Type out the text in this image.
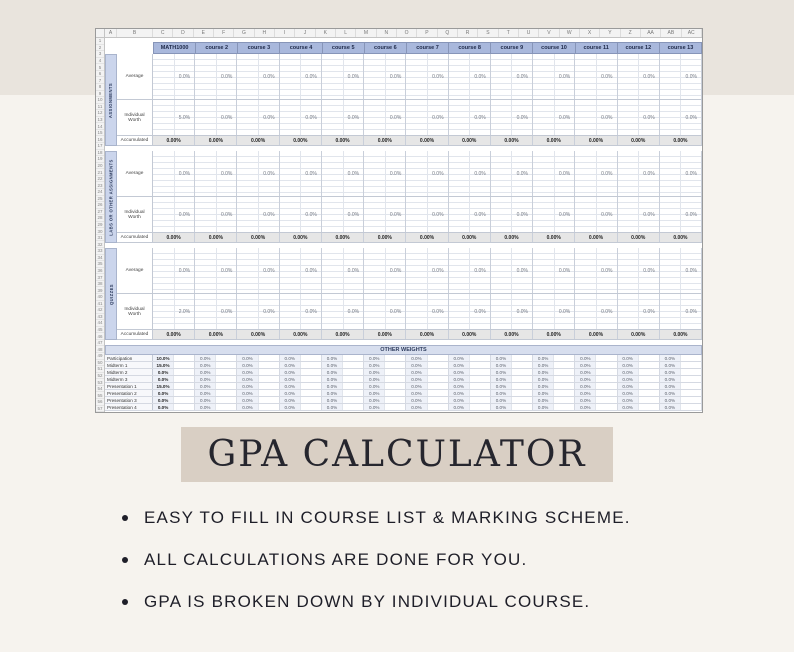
A	B	C	D	E	F	G	H	I	J	K	L	M	N	O	P	Q	R	S	T	U	V	W	X	Y	Z	AA	AB	AC
1
2
3
4
5
6
7
8
9
10
11
12
13
14
15
16
17
18
19
20
21
22
23
24
25
26
27
28
29
30
31
32
33
34
35
36
37
38
39
40
41
42
43
44
45
46
47
48
49
50
51
52
53
54
55
56
57
MATH1000	course 2	course 3	course 4	course 5	course 6	course 7	course 8	course 9	course 10	course 11	course 12	course 13
ASSIGNMENTS
Average	0.0%	0.0%	0.0%	0.0%	0.0%	0.0%	0.0%	0.0%	0.0%	0.0%	0.0%	0.0%	0.0%
Individual Worth	5.0%	0.0%	0.0%	0.0%	0.0%	0.0%	0.0%	0.0%	0.0%	0.0%	0.0%	0.0%	0.0%
Accumulated	0.00%	0.00%	0.00%	0.00%	0.00%	0.00%	0.00%	0.00%	0.00%	0.00%	0.00%	0.00%	0.00%
LABS OR OTHER ASSIGNMENTS	Average	0.0%	0.0%	0.0%	0.0%	0.0%	0.0%	0.0%	0.0%	0.0%	0.0%	0.0%	0.0%	0.0%
Individual Worth	0.0%	0.0%	0.0%	0.0%	0.0%	0.0%	0.0%	0.0%	0.0%	0.0%	0.0%	0.0%	0.0%
Accumulated	0.00%	0.00%	0.00%	0.00%	0.00%	0.00%	0.00%	0.00%	0.00%	0.00%	0.00%	0.00%	0.00%
QUIZZES
Average	0.0%	0.0%	0.0%	0.0%	0.0%	0.0%	0.0%	0.0%	0.0%	0.0%	0.0%	0.0%	0.0%
Individual Worth	2.0%	0.0%	0.0%	0.0%	0.0%	0.0%	0.0%	0.0%	0.0%	0.0%	0.0%	0.0%	0.0%
Accumulated	0.00%	0.00%	0.00%	0.00%	0.00%	0.00%	0.00%	0.00%	0.00%	0.00%	0.00%	0.00%	0.00%
OTHER WEIGHTS
Participation	10.0%	0.0%	0.0%	0.0%	0.0%	0.0%	0.0%	0.0%	0.0%	0.0%	0.0%	0.0%	0.0%
Midterm 1	15.0%	0.0%	0.0%	0.0%	0.0%	0.0%	0.0%	0.0%	0.0%	0.0%	0.0%	0.0%	0.0%
Midterm 2	0.0%	0.0%	0.0%	0.0%	0.0%	0.0%	0.0%	0.0%	0.0%	0.0%	0.0%	0.0%	0.0%
Midterm 3	0.0%	0.0%	0.0%	0.0%	0.0%	0.0%	0.0%	0.0%	0.0%	0.0%	0.0%	0.0%	0.0%
Presentation 1	15.0%	0.0%	0.0%	0.0%	0.0%	0.0%	0.0%	0.0%	0.0%	0.0%	0.0%	0.0%	0.0%
Presentation 2	0.0%	0.0%	0.0%	0.0%	0.0%	0.0%	0.0%	0.0%	0.0%	0.0%	0.0%	0.0%	0.0%
Presentation 3	0.0%	0.0%	0.0%	0.0%	0.0%	0.0%	0.0%	0.0%	0.0%	0.0%	0.0%	0.0%	0.0%
Presentation 4	0.0%	0.0%	0.0%	0.0%	0.0%	0.0%	0.0%	0.0%	0.0%	0.0%	0.0%	0.0%	0.0%
GPA CALCULATOR
EASY TO FILL IN COURSE LIST & MARKING SCHEME.
ALL CALCULATIONS ARE DONE FOR YOU.
GPA IS BROKEN DOWN BY INDIVIDUAL COURSE.
